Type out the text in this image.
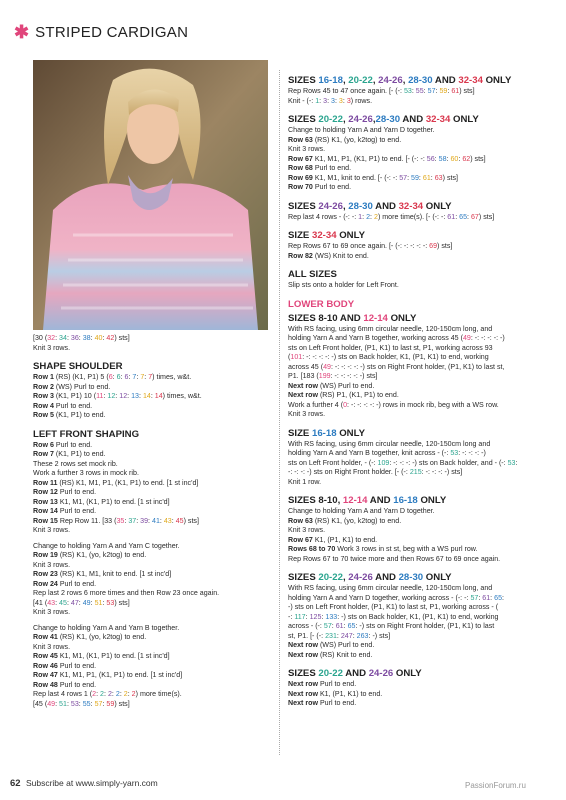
✱ STRIPED CARDIGAN
[30 (32: 34: 36: 38: 40: 42) sts]
Knit 3 rows.
SHAPE SHOULDER
Row 1 (RS) (K1, P1) 5 (6: 6: 6: 7: 7: 7) times, w&t.
Row 2 (WS) Purl to end.
Row 3 (K1, P1) 10 (11: 12: 12: 13: 14: 14) times, w&t.
Row 4 Purl to end.
Row 5 (K1, P1) to end.
LEFT FRONT SHAPING
Row 6 Purl to end.
Row 7 (K1, P1) to end.
These 2 rows set mock rib.
Work a further 3 rows in mock rib.
Row 11 (RS) K1, M1, P1, (K1, P1) to end. [1 st inc'd]
Row 12 Purl to end.
Row 13 K1, M1, (K1, P1) to end. [1 st inc'd]
Row 14 Purl to end.
Row 15 Rep Row 11. [33 (35: 37: 39: 41: 43: 45) sts]
Knit 3 rows.
Change to holding Yarn A and Yarn C together.
Row 19 (RS) K1, (yo, k2tog) to end.
Knit 3 rows.
Row 23 (RS) K1, M1, knit to end. [1 st inc'd]
Row 24 Purl to end.
Rep last 2 rows 6 more times and then Row 23 once again.
[41 (43: 45: 47: 49: 51: 53) sts]
Knit 3 rows.
Change to holding Yarn A and Yarn B together.
Row 41 (RS) K1, (yo, k2tog) to end.
Knit 3 rows.
Row 45 K1, M1, (K1, P1) to end. [1 st inc'd]
Row 46 Purl to end.
Row 47 K1, M1, P1, (K1, P1) to end. [1 st inc'd]
Row 48 Purl to end.
Rep last 4 rows 1 (2: 2: 2: 2: 2: 2) more time(s).
[45 (49: 51: 53: 55: 57: 59) sts]
SIZES 16-18, 20-22, 24-26, 28-30 AND 32-34 ONLY
Rep Rows 45 to 47 once again. [- (-: 53: 55: 57: 59: 61) sts]
Knit - (-: 1: 3: 3: 3: 3) rows.
SIZES 20-22, 24-26,28-30 AND 32-34 ONLY
Change to holding Yarn A and Yarn D together.
Row 63 (RS) K1, (yo, k2tog) to end.
Knit 3 rows.
Row 67 K1, M1, P1, (K1, P1) to end. [- (-: -: 56: 58: 60: 62) sts]
Row 68 Purl to end.
Row 69 K1, M1, knit to end. [- (-: -: 57: 59: 61: 63) sts]
Row 70 Purl to end.
SIZES 24-26, 28-30 AND 32-34 ONLY
Rep last 4 rows - (-: -: 1: 2: 2) more time(s). [- (-: -: 61: 65: 67) sts]
SIZE 32-34 ONLY
Rep Rows 67 to 69 once again. [- (-: -: -: -: -: 69) sts]
Row 82 (WS) Knit to end.
ALL SIZES
Slip sts onto a holder for Left Front.
LOWER BODY
SIZES 8-10 AND 12-14 ONLY
With RS facing, using 6mm circular needle, 120-150cm long, and
holding Yarn A and Yarn B together, working across 45 (49: -: -: -: -: -)
sts on Left Front holder, (P1, K1) to last st, P1, working across 93
(101: -: -: -: -: -) sts on Back holder, K1, (P1, K1) to end, working
across 45 (49: -: -: -: -: -) sts on Right Front holder, (P1, K1) to last st,
P1. [183 (199: -: -: -: -: -) sts]
Next row (WS) Purl to end.
Next row (RS) P1, (K1, P1) to end.
Work a further 4 (0: -: -: -: -: -) rows in mock rib, beg with a WS row.
Knit 3 rows.
SIZE 16-18 ONLY
With RS facing, using 6mm circular needle, 120-150cm long and
holding Yarn A and Yarn B together, knit across - (-: 53: -: -: -: -)
sts on Left Front holder, - (-: 109: -: -: -: -) sts on Back holder, and - (-: 53:
-: -: -: -) sts on Right Front holder. [- (-: 215: -: -: -: -) sts]
Knit 1 row.
SIZES 8-10, 12-14 AND 16-18 ONLY
Change to holding Yarn A and Yarn D together.
Row 63 (RS) K1, (yo, k2tog) to end.
Knit 3 rows.
Row 67 K1, (P1, K1) to end.
Rows 68 to 70 Work 3 rows in st st, beg with a WS purl row.
Rep Rows 67 to 70 twice more and then Rows 67 to 69 once again.
SIZES 20-22, 24-26 AND 28-30 ONLY
With RS facing, using 6mm circular needle, 120-150cm long, and
holding Yarn A and Yarn D together, working across - (-: -: 57: 61: 65:
-) sts on Left Front holder, (P1, K1) to last st, P1, working across - (
-: 117: 125: 133: -) sts on Back holder, K1, (P1, K1) to end, working
across - (-: 57: 61: 65: -) sts on Right Front holder, (P1, K1) to last
st, P1. [- (-: 231: 247: 263: -) sts]
Next row (WS) Purl to end.
Next row (RS) Knit to end.
SIZES 20-22 AND 24-26 ONLY
Next row Purl to end.
Next row K1, (P1, K1) to end.
Next row Purl to end.
62 Subscribe at www.simply-yarn.com	PassionForum.ru
